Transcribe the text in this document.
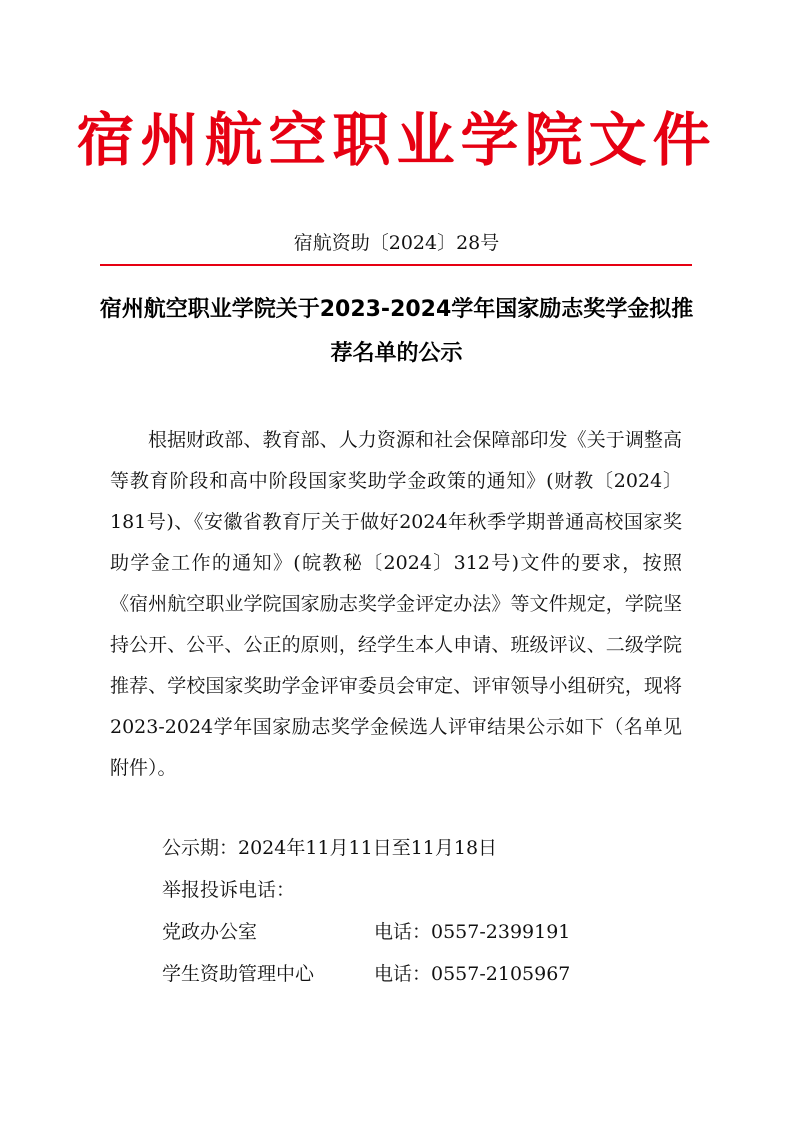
宿州航空职业学院文件
宿航资助〔2024〕28号
宿州航空职业学院关于2023-2024学年国家励志奖学金拟推荐名单的公示

根据财政部、教育部、人力资源和社会保障部印发《关于调整高等教育阶段和高中阶段国家奖助学金政策的通知》(财教〔2024〕181号)、《安徽省教育厅关于做好2024年秋季学期普通高校国家奖助学金工作的通知》(皖教秘〔2024〕312号)文件的要求，按照《宿州航空职业学院国家励志奖学金评定办法》等文件规定，学院坚持公开、公平、公正的原则，经学生本人申请、班级评议、二级学院推荐、学校国家奖助学金评审委员会审定、评审领导小组研究，现将2023-2024学年国家励志奖学金候选人评审结果公示如下（名单见附件）。

公示期：2024年11月11日至11月18日

举报投诉电话：
党政办公室	电话：0557-2399191
学生资助管理中心	电话：0557-2105967
